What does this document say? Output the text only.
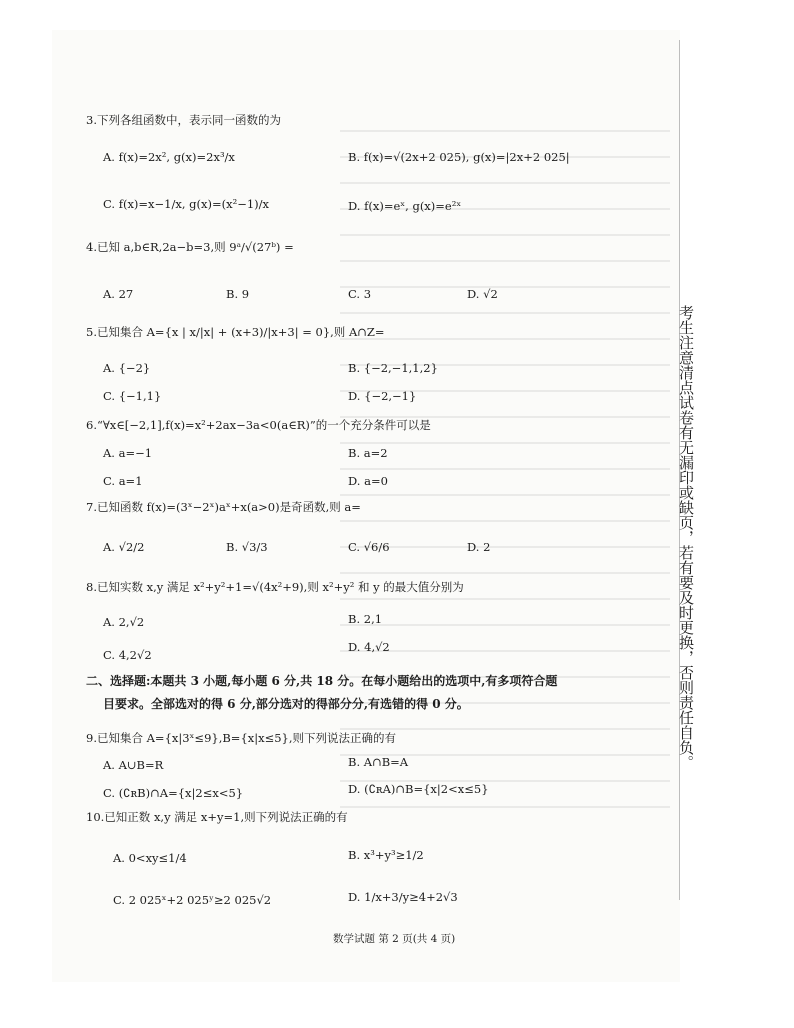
3.下列各组函数中，表示同一函数的为
A. f(x)=2x², g(x)=2x³/x	B. f(x)=√(2x+2 025), g(x)=|2x+2 025|
C. f(x)=x−1/x, g(x)=(x²−1)/x	D. f(x)=eˣ, g(x)=e²ˣ
4.已知 a,b∈R,2a−b=3,则 9ᵃ/√(27ᵇ) =
A. 27	B. 9	C. 3	D. √2
5.已知集合 A={x | x/|x| + (x+3)/|x+3| = 0},则 A∩Z=
A. {−2}	B. {−2,−1,1,2}
C. {−1,1}	D. {−2,−1}
6.“∀x∈[−2,1],f(x)=x²+2ax−3a<0(a∈R)”的一个充分条件可以是
A. a=−1	B. a=2
C. a=1	D. a=0
7.已知函数 f(x)=(3ˣ−2ˣ)aˣ+x(a>0)是奇函数,则 a=
A. √2/2	B. √3/3	C. √6/6	D. 2
8.已知实数 x,y 满足 x²+y²+1=√(4x²+9),则 x²+y² 和 y 的最大值分别为
A. 2,√2	B. 2,1
C. 4,2√2
D. 4,√2
二、选择题:本题共 3 小题,每小题 6 分,共 18 分。在每小题给出的选项中,有多项符合题
目要求。全部选对的得 6 分,部分选对的得部分分,有选错的得 0 分。
9.已知集合 A={x|3ˣ≤9},B={x|x≤5},则下列说法正确的有
A. A∪B=R	B. A∩B=A
C. (∁ʀB)∩A={x|2≤x<5}	D. (∁ʀA)∩B={x|2<x≤5}
10.已知正数 x,y 满足 x+y=1,则下列说法正确的有
A. 0<xy≤1/4	B. x³+y³≥1/2
C. 2 025ˣ+2 025ʸ≥2 025√2	D. 1/x+3/y≥4+2√3
数学试题 第 2 页(共 4 页)
考生注意清点试卷有无漏印或缺页，若有要及时更换，否则责任自负。
